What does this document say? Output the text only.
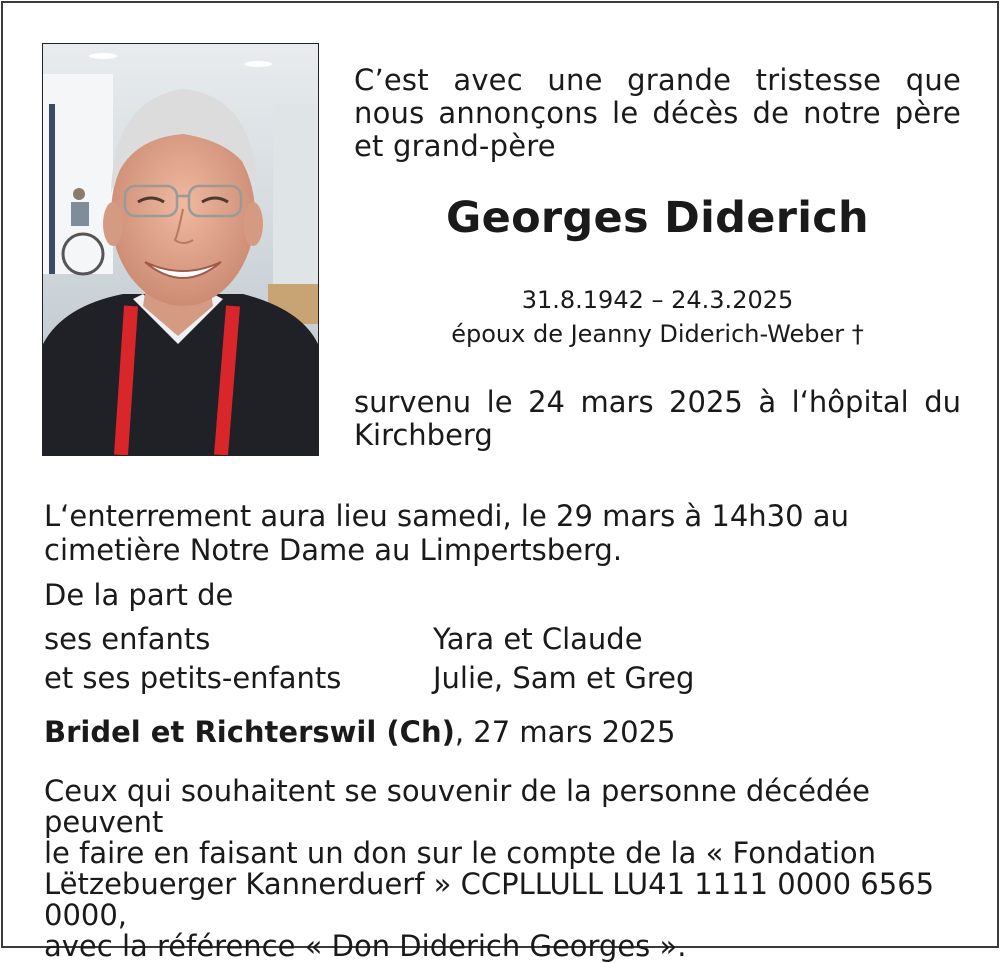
C’est avec une grande tristesse que nous annonçons le décès de notre père et grand-père

Georges Diderich
31.8.1942 – 24.3.2025
époux de Jeanny Diderich-Weber †
survenu le 24 mars 2025 à l‘hôpital du
Kirchberg
L‘enterrement aura lieu samedi, le 29 mars à 14h30 au
cimetière Notre Dame au Limpertsberg.
De la part de
ses enfants	Yara et Claude
et ses petits-enfants	Julie, Sam et Greg
Bridel et Richterswil (Ch), 27 mars 2025
Ceux qui souhaitent se souvenir de la personne décédée peuvent
le faire en faisant un don sur le compte de la « Fondation
Lëtzebuerger Kannerduerf » CCPLLULL LU41 1111 0000 6565 0000,
avec la référence « Don Diderich Georges ».
